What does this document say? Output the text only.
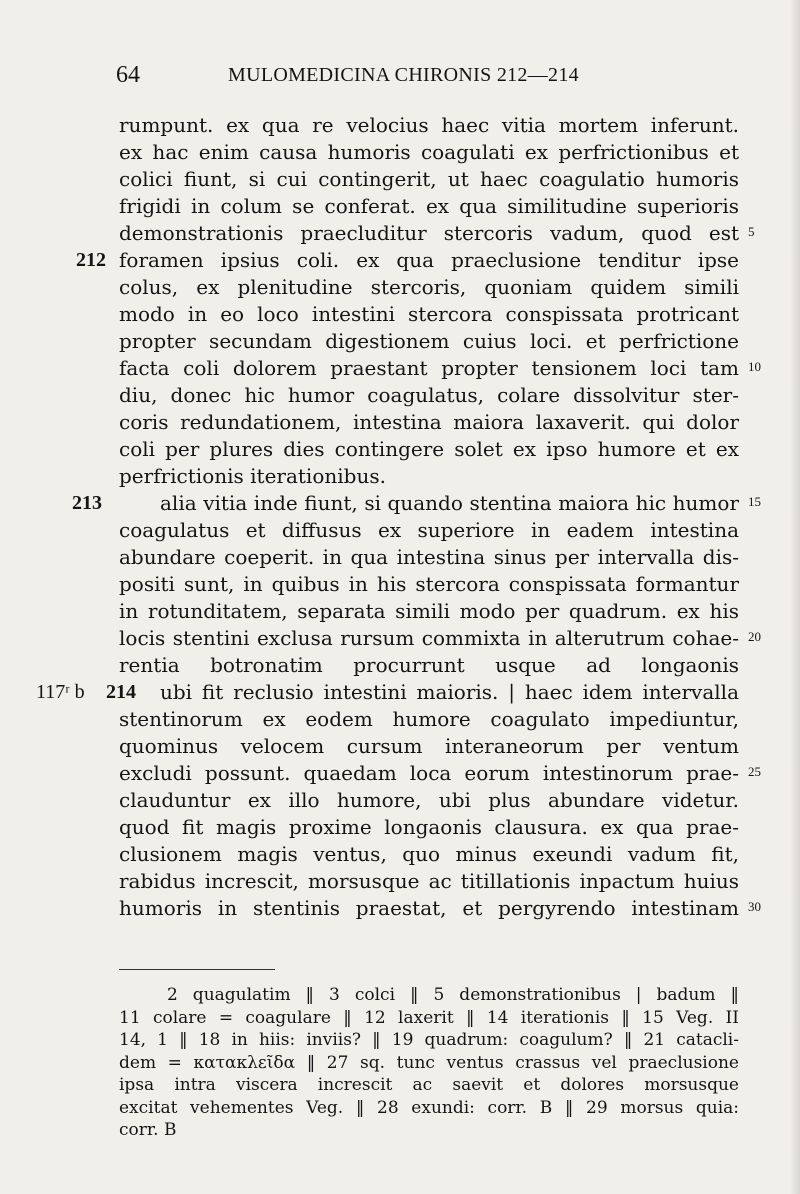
64	MULOMEDICINA CHIRONIS 212—214
rumpunt. ex qua re velocius haec vitia mortem inferunt.
ex hac enim causa humoris coagulati ex perfrictionibus et
colici fiunt, si cui contingerit, ut haec coagulatio humoris
frigidi in colum se conferat. ex qua similitudine superioris
demonstrationis praecluditur stercoris vadum, quod est 5
foramen ipsius coli. ex qua praeclusione tenditur ipse
212
colus, ex plenitudine stercoris, quoniam quidem simili
modo in eo loco intestini stercora conspissata protricant
propter secundam digestionem cuius loci. et perfrictione
facta coli dolorem praestant propter tensionem loci tam 10
diu, donec hic humor coagulatus, colare dissolvitur ster-
coris redundationem, intestina maiora laxaverit. qui dolor
coli per plures dies contingere solet ex ipso humore et ex
perfrictionis iterationibus.
alia vitia inde fiunt, si quando stentina maiora hic humor
213	15
coagulatus et diffusus ex superiore in eadem intestina
abundare coeperit. in qua intestina sinus per intervalla dis-
positi sunt, in quibus in his stercora conspissata formantur
in rotunditatem, separata simili modo per quadrum. ex his
locis stentini exclusa rursum commixta in alterutrum cohae- 20
rentia botronatim procurrunt usque ad longaonis
ubi fit reclusio intestini maioris. | haec idem intervalla
214
117ʳ b
stentinorum ex eodem humore coagulato impediuntur,
quominus velocem cursum interaneorum per ventum
excludi possunt. quaedam loca eorum intestinorum prae- 25
clauduntur ex illo humore, ubi plus abundare videtur.
quod fit magis proxime longaonis clausura. ex qua prae-
clusionem magis ventus, quo minus exeundi vadum fit,
rabidus increscit, morsusque ac titillationis inpactum huius
humoris in stentinis praestat, et pergyrendo intestinam 30
2 quagulatim ‖ 3 colci ‖ 5 demonstrationibus | badum ‖
11 colare = coagulare ‖ 12 laxerit ‖ 14 iterationis ‖ 15 Veg. II
14, 1 ‖ 18 in hiis: inviis? ‖ 19 quadrum: coagulum? ‖ 21 catacli-
dem = κατακλεῖδα ‖ 27 sq. tunc ventus crassus vel praeclusione
ipsa intra viscera increscit ac saevit et dolores morsusque
excitat vehementes Veg. ‖ 28 exundi: corr. B ‖ 29 morsus quia:
corr. B
